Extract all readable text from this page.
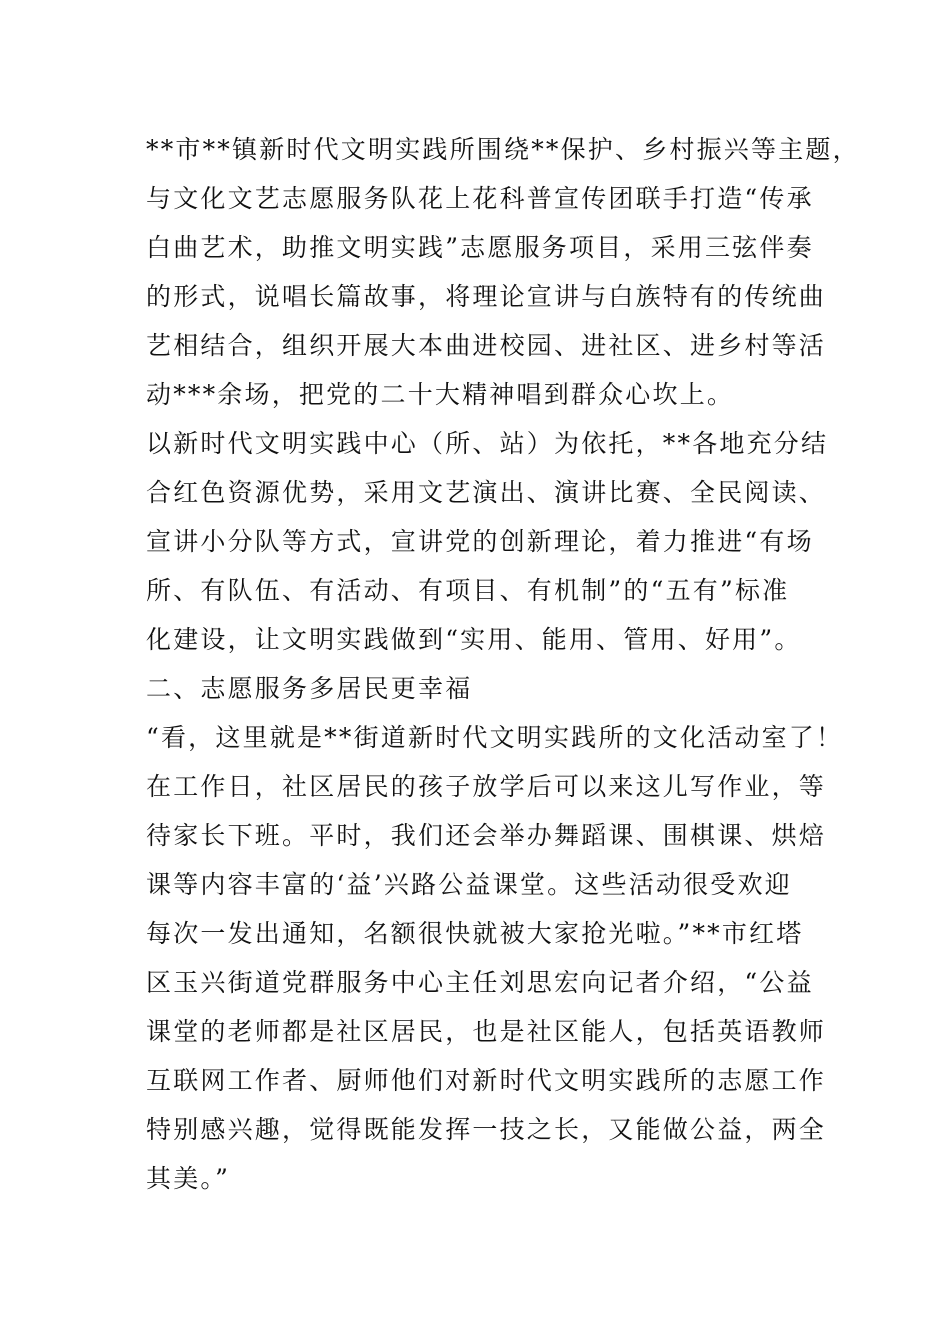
**市**镇新时代文明实践所围绕**保护、乡村振兴等主题，
与文化文艺志愿服务队花上花科普宣传团联手打造“传承
白曲艺术，助推文明实践”志愿服务项目，采用三弦伴奏
的形式，说唱长篇故事，将理论宣讲与白族特有的传统曲
艺相结合，组织开展大本曲进校园、进社区、进乡村等活
动***余场，把党的二十大精神唱到群众心坎上。
以新时代文明实践中心（所、站）为依托，**各地充分结
合红色资源优势，采用文艺演出、演讲比赛、全民阅读、
宣讲小分队等方式，宣讲党的创新理论，着力推进“有场
所、有队伍、有活动、有项目、有机制”的“五有”标准
化建设，让文明实践做到“实用、能用、管用、好用”。
二、志愿服务多居民更幸福
“看，这里就是**街道新时代文明实践所的文化活动室了！
在工作日，社区居民的孩子放学后可以来这儿写作业，等
待家长下班。平时，我们还会举办舞蹈课、围棋课、烘焙
课等内容丰富的‘益’兴路公益课堂。这些活动很受欢迎
每次一发出通知，名额很快就被大家抢光啦。”**市红塔
区玉兴街道党群服务中心主任刘思宏向记者介绍，“公益
课堂的老师都是社区居民，也是社区能人，包括英语教师
互联网工作者、厨师他们对新时代文明实践所的志愿工作
特别感兴趣，觉得既能发挥一技之长，又能做公益，两全
其美。”
